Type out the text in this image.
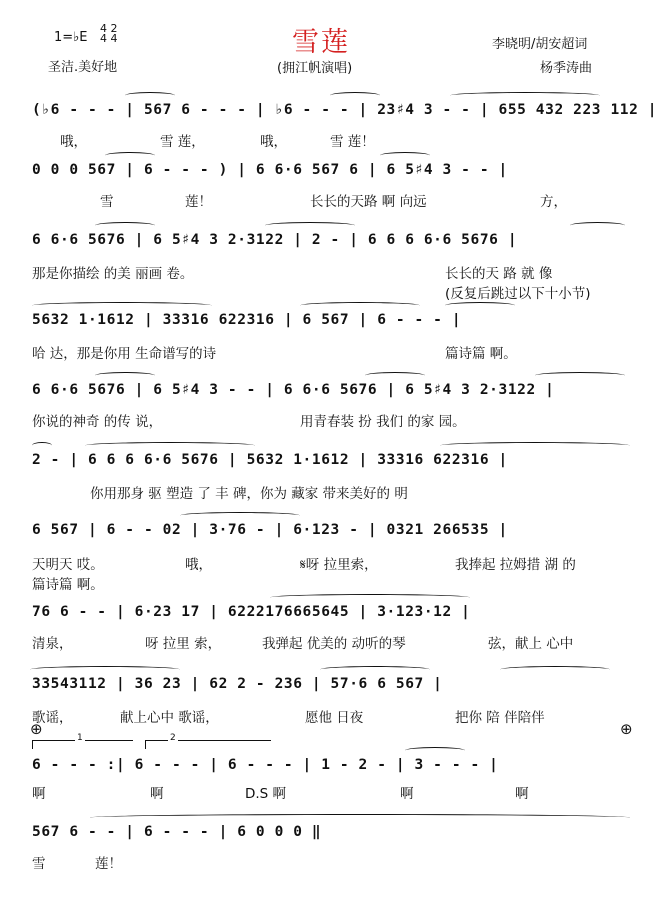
雪莲
1=♭E
4 2
4 4
圣洁.美好地	(拥江帆演唱)
李晓明/胡安超词
杨季涛曲
(♭6 - - - | 567 6 - - - | ♭6 - - - | 23♯4 3 - - | 655 432 223 112 |
哦，	雪 莲，	哦，	雪 莲！
0 0 0 567 | 6 - - - ) | 6 6·6 567 6 | 6 5♯4 3 - - |
雪	莲！	长长的天路 啊 向远	方，
6 6·6 5676 | 6 5♯4 3 2·3122 | 2 - | 6 6 6 6·6 5676 |
那是你描绘 的美 丽画 卷。	长长的天 路 就 像
(反复后跳过以下十小节)
5632 1·1612 | 33316 622316 | 6 567 | 6 - - - |
哈 达，那是你用 生命谱写的诗	篇诗篇 啊。
6 6·6 5676 | 6 5♯4 3 - - | 6 6·6 5676 | 6 5♯4 3 2·3122 |
你说的神奇 的传 说，	用青春装 扮 我们 的家 园。
2 - | 6 6 6 6·6 5676 | 5632 1·1612 | 33316 622316 |
你用那身 驱 塑造 了 丰 碑，你为 藏家 带来美好的 明
6 567 | 6 - - 02 | 3·76 - | 6·123 - | 0321 266535 |
天明天 哎。	哦，	𝄋呀 拉里索，	我捧起 拉姆措 湖 的
篇诗篇 啊。
76 6 - - | 6·23 17 | 6222176665645 | 3·123·12 |
清泉，	呀 拉里 索，	我弹起 优美的 动听的琴	弦，献上 心中
33543112 | 36 23 | 62 2 - 236 | 57·6 6 567 |
歌谣，	献上心中 歌谣，	愿他 日夜	把你 陪 伴陪伴
⊕	⊕
1	2
6 - - - :| 6 - - - | 6 - - - | 1 - 2 - | 3 - - - |
啊	啊	D.S 啊	啊	啊
567 6 - - | 6 - - - | 6 0 0 0 ‖
雪	莲！
